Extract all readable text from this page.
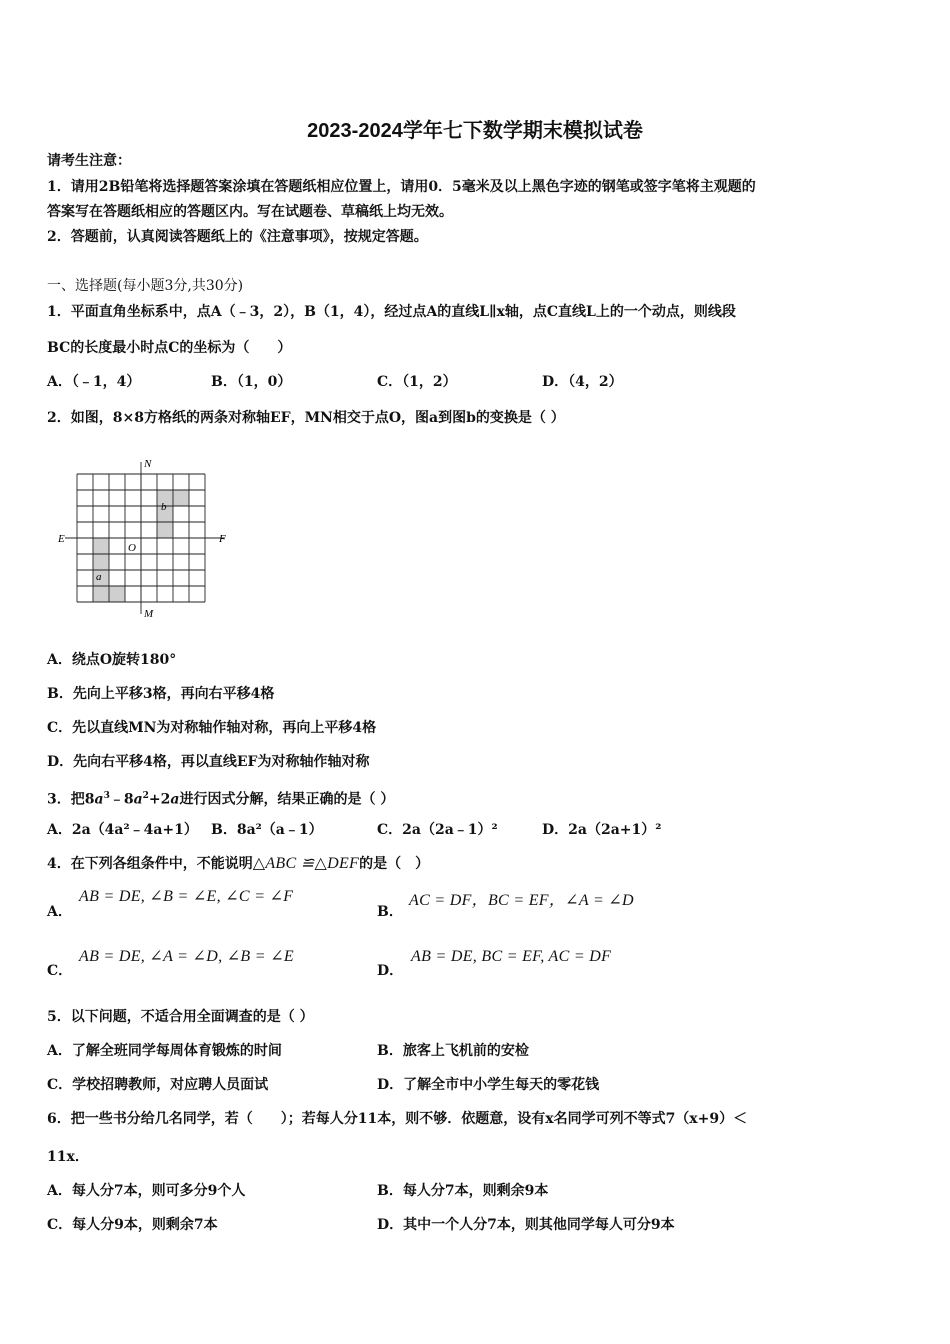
2023-2024学年七下数学期末模拟试卷
请考生注意：
1．请用2B铅笔将选择题答案涂填在答题纸相应位置上，请用0．5毫米及以上黑色字迹的钢笔或签字笔将主观题的
答案写在答题纸相应的答题区内。写在试题卷、草稿纸上均无效。
2．答题前，认真阅读答题纸上的《注意事项》，按规定答题。
一、选择题(每小题3分,共30分)
1．平面直角坐标系中，点A（﹣3，2），B（1，4），经过点A的直线L∥x轴，点C直线L上的一个动点，则线段
BC的长度最小时点C的坐标为（　　）
A．（﹣1，4）	B．（1，0）	C．（1，2）	D．（4，2）
2．如图，8×8方格纸的两条对称轴EF，MN相交于点O，图a到图b的变换是（ ）
N
M
E	F
O
a
b
A．绕点O旋转180°
B．先向上平移3格，再向右平移4格
C．先以直线MN为对称轴作轴对称，再向上平移4格
D．先向右平移4格，再以直线EF为对称轴作轴对称
3．把$8a^3﹣8a^2+2a$进行因式分解，结果正确的是（ ）
A．2a（4a²﹣4a+1） B．8a²（a﹣1）	C．2a（2a﹣1）²	D．2a（2a+1）²
4．在下列各组条件中，不能说明△ABC ≌△DEF的是（　）
A．
AB = DE, ∠B = ∠E, ∠C = ∠F
B．
AC = DF，BC = EF，∠A = ∠D
C．
AB = DE, ∠A = ∠D, ∠B = ∠E
D．
AB = DE, BC = EF, AC = DF
5．以下问题，不适合用全面调查的是（ ）
A．了解全班同学每周体育锻炼的时间	B．旅客上飞机前的安检
C．学校招聘教师，对应聘人员面试	D．了解全市中小学生每天的零花钱
6．把一些书分给几名同学，若（　　）；若每人分11本，则不够．依题意，设有x名同学可列不等式7（x+9）＜
11x．
A．每人分7本，则可多分9个人	B．每人分7本，则剩余9本
C．每人分9本，则剩余7本	D．其中一个人分7本，则其他同学每人可分9本
